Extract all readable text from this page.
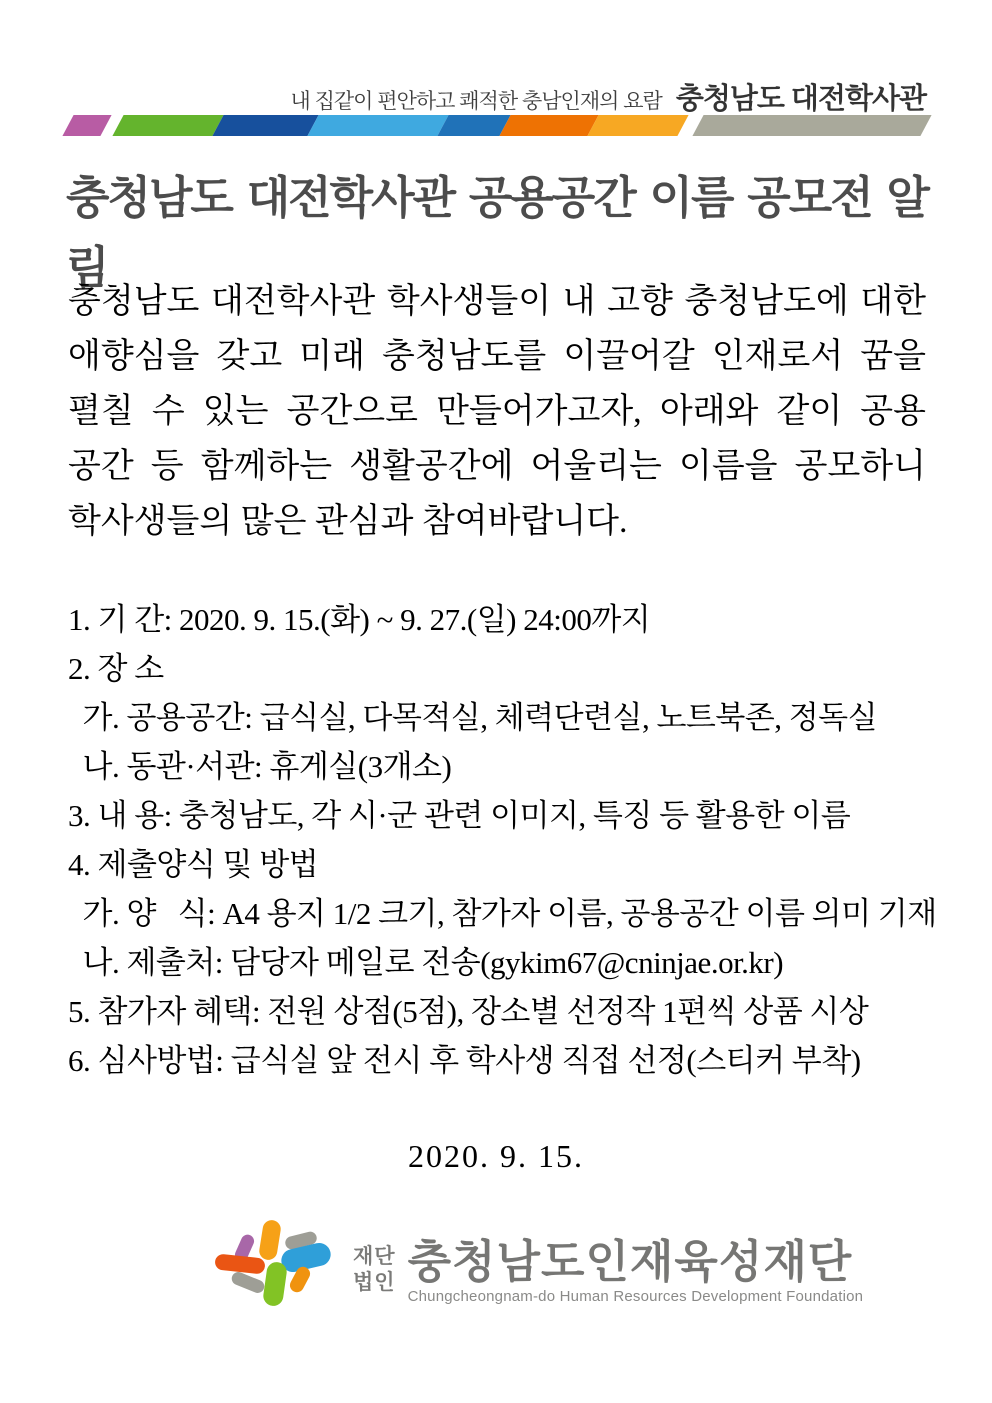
내 집같이 편안하고 쾌적한 충남인재의 요람 충청남도 대전학사관
충청남도 대전학사관 공용공간 이름 공모전 알림
충청남도 대전학사관 학사생들이 내 고향 충청남도에 대한
애향심을 갖고 미래 충청남도를 이끌어갈 인재로서 꿈을
펼칠 수 있는 공간으로 만들어가고자, 아래와 같이 공용
공간 등 함께하는 생활공간에 어울리는 이름을 공모하니
학사생들의 많은 관심과 참여바랍니다.
1. 기 간: 2020. 9. 15.(화) ~ 9. 27.(일) 24:00까지
2. 장 소
가. 공용공간: 급식실, 다목적실, 체력단련실, 노트북존, 정독실
나. 동관·서관: 휴게실(3개소)
3. 내 용: 충청남도, 각 시·군 관련 이미지, 특징 등 활용한 이름
4. 제출양식 및 방법
가. 양   식: A4 용지 1/2 크기, 참가자 이름, 공용공간 이름 의미 기재
나. 제출처: 담당자 메일로 전송(gykim67@cninjae.or.kr)
5. 참가자 혜택: 전원 상점(5점), 장소별 선정작 1편씩 상품 시상
6. 심사방법: 급식실 앞 전시 후 학사생 직접 선정(스티커 부착)
2020. 9. 15.
재단
법인 충청남도인재육성재단
Chungcheongnam-do Human Resources Development Foundation
